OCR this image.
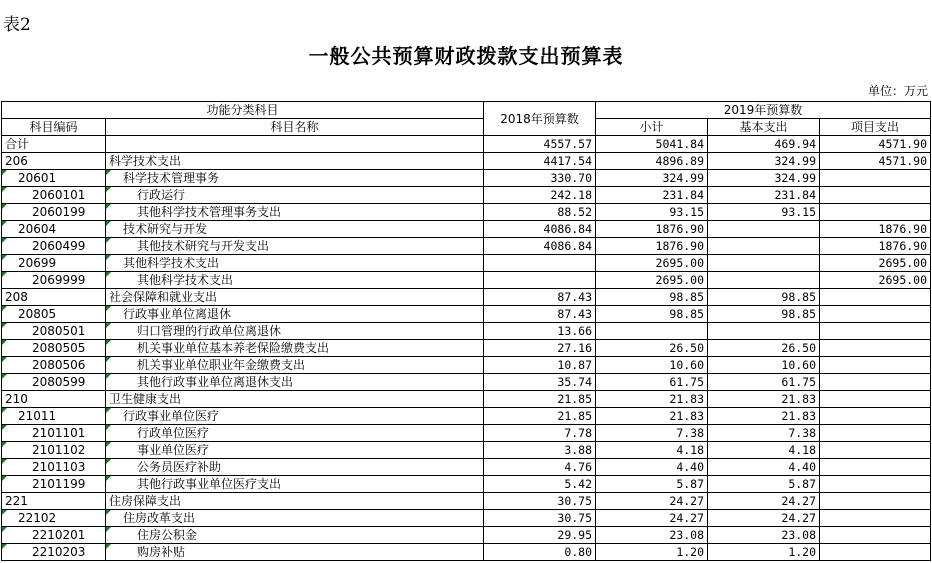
表2
一般公共预算财政拨款支出预算表
单位：万元
功能分类科目		2018年预算数	2019年预算数		
科目编码	科目名称		小计	基本支出	项目支出
合计		4557.57	5041.84	469.94	4571.90
206	科学技术支出	4417.54	4896.89	324.99	4571.90

20601	科学技术管理事务	330.70	324.99	324.99	

2060101	行政运行	242.18	231.84	231.84	

2060199	其他科学技术管理事务支出	88.52	93.15	93.15	

20604	技术研究与开发	4086.84	1876.90		1876.90

2060499	其他技术研究与开发支出	4086.84	1876.90		1876.90

20699	其他科学技术支出		2695.00		2695.00

2069999	其他科学技术支出		2695.00		2695.00
208	社会保障和就业支出	87.43	98.85	98.85	

20805	行政事业单位离退休	87.43	98.85	98.85	

2080501	归口管理的行政单位离退休	13.66			

2080505	机关事业单位基本养老保险缴费支出	27.16	26.50	26.50	

2080506	机关事业单位职业年金缴费支出	10.87	10.60	10.60	

2080599	其他行政事业单位离退休支出	35.74	61.75	61.75	
210	卫生健康支出	21.85	21.83	21.83	

21011	行政事业单位医疗	21.85	21.83	21.83	

2101101	行政单位医疗	7.78	7.38	7.38	

2101102	事业单位医疗	3.88	4.18	4.18	

2101103	公务员医疗补助	4.76	4.40	4.40	

2101199	其他行政事业单位医疗支出	5.42	5.87	5.87	
221	住房保障支出	30.75	24.27	24.27	

22102	住房改革支出	30.75	24.27	24.27	

2210201	住房公积金	29.95	23.08	23.08	

2210203	购房补贴	0.80	1.20	1.20	
